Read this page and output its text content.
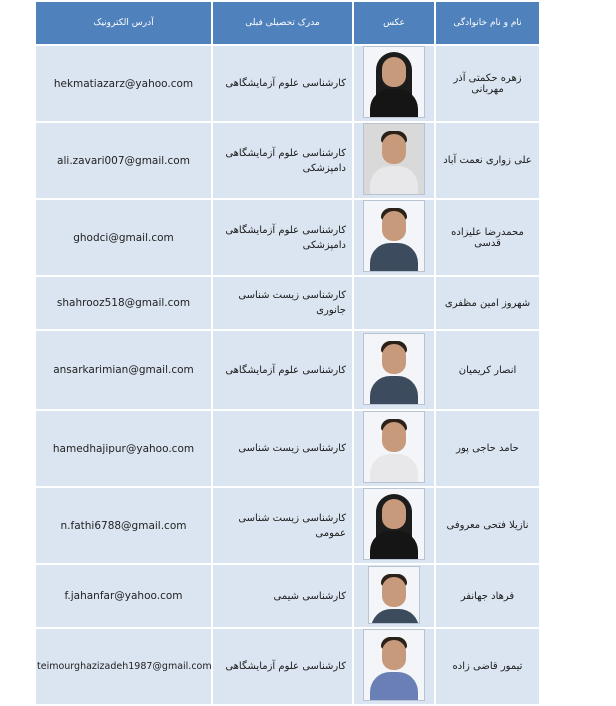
آدرس الکترونیک	مدرک تحصیلی فبلی	عکس	نام و نام خانوادگی
hekmatiazarz@yahoo.com	کارشناسی علوم آزمایشگاهی		زهره حکمتی آذر مهربانی
ali.zavari007@gmail.com	کارشناسی علوم آزمایشگاهی دامپزشکی		علی زواری نعمت آباد
ghodci@gmail.com	کارشناسی علوم آزمایشگاهی دامپزشکی		محمدرضا علیزاده قدسی
shahrooz518@gmail.com	کارشناسی زیست شناسی جانوری		شهروز امین مظفری
ansarkarimian@gmail.com	کارشناسی علوم آزمایشگاهی		انصار کریمیان
hamedhajipur@yahoo.com	کارشناسی زیست شناسی		حامد حاجی پور
n.fathi6788@gmail.com	کارشناسی زیست شناسی عمومی		نازیلا فتحی معروفی
f.jahanfar@yahoo.com	کارشناسی شیمی		فرهاد جهانفر
teimourghazizadeh1987@gmail.com	کارشناسی علوم آزمایشگاهی		تیمور قاضی زاده
